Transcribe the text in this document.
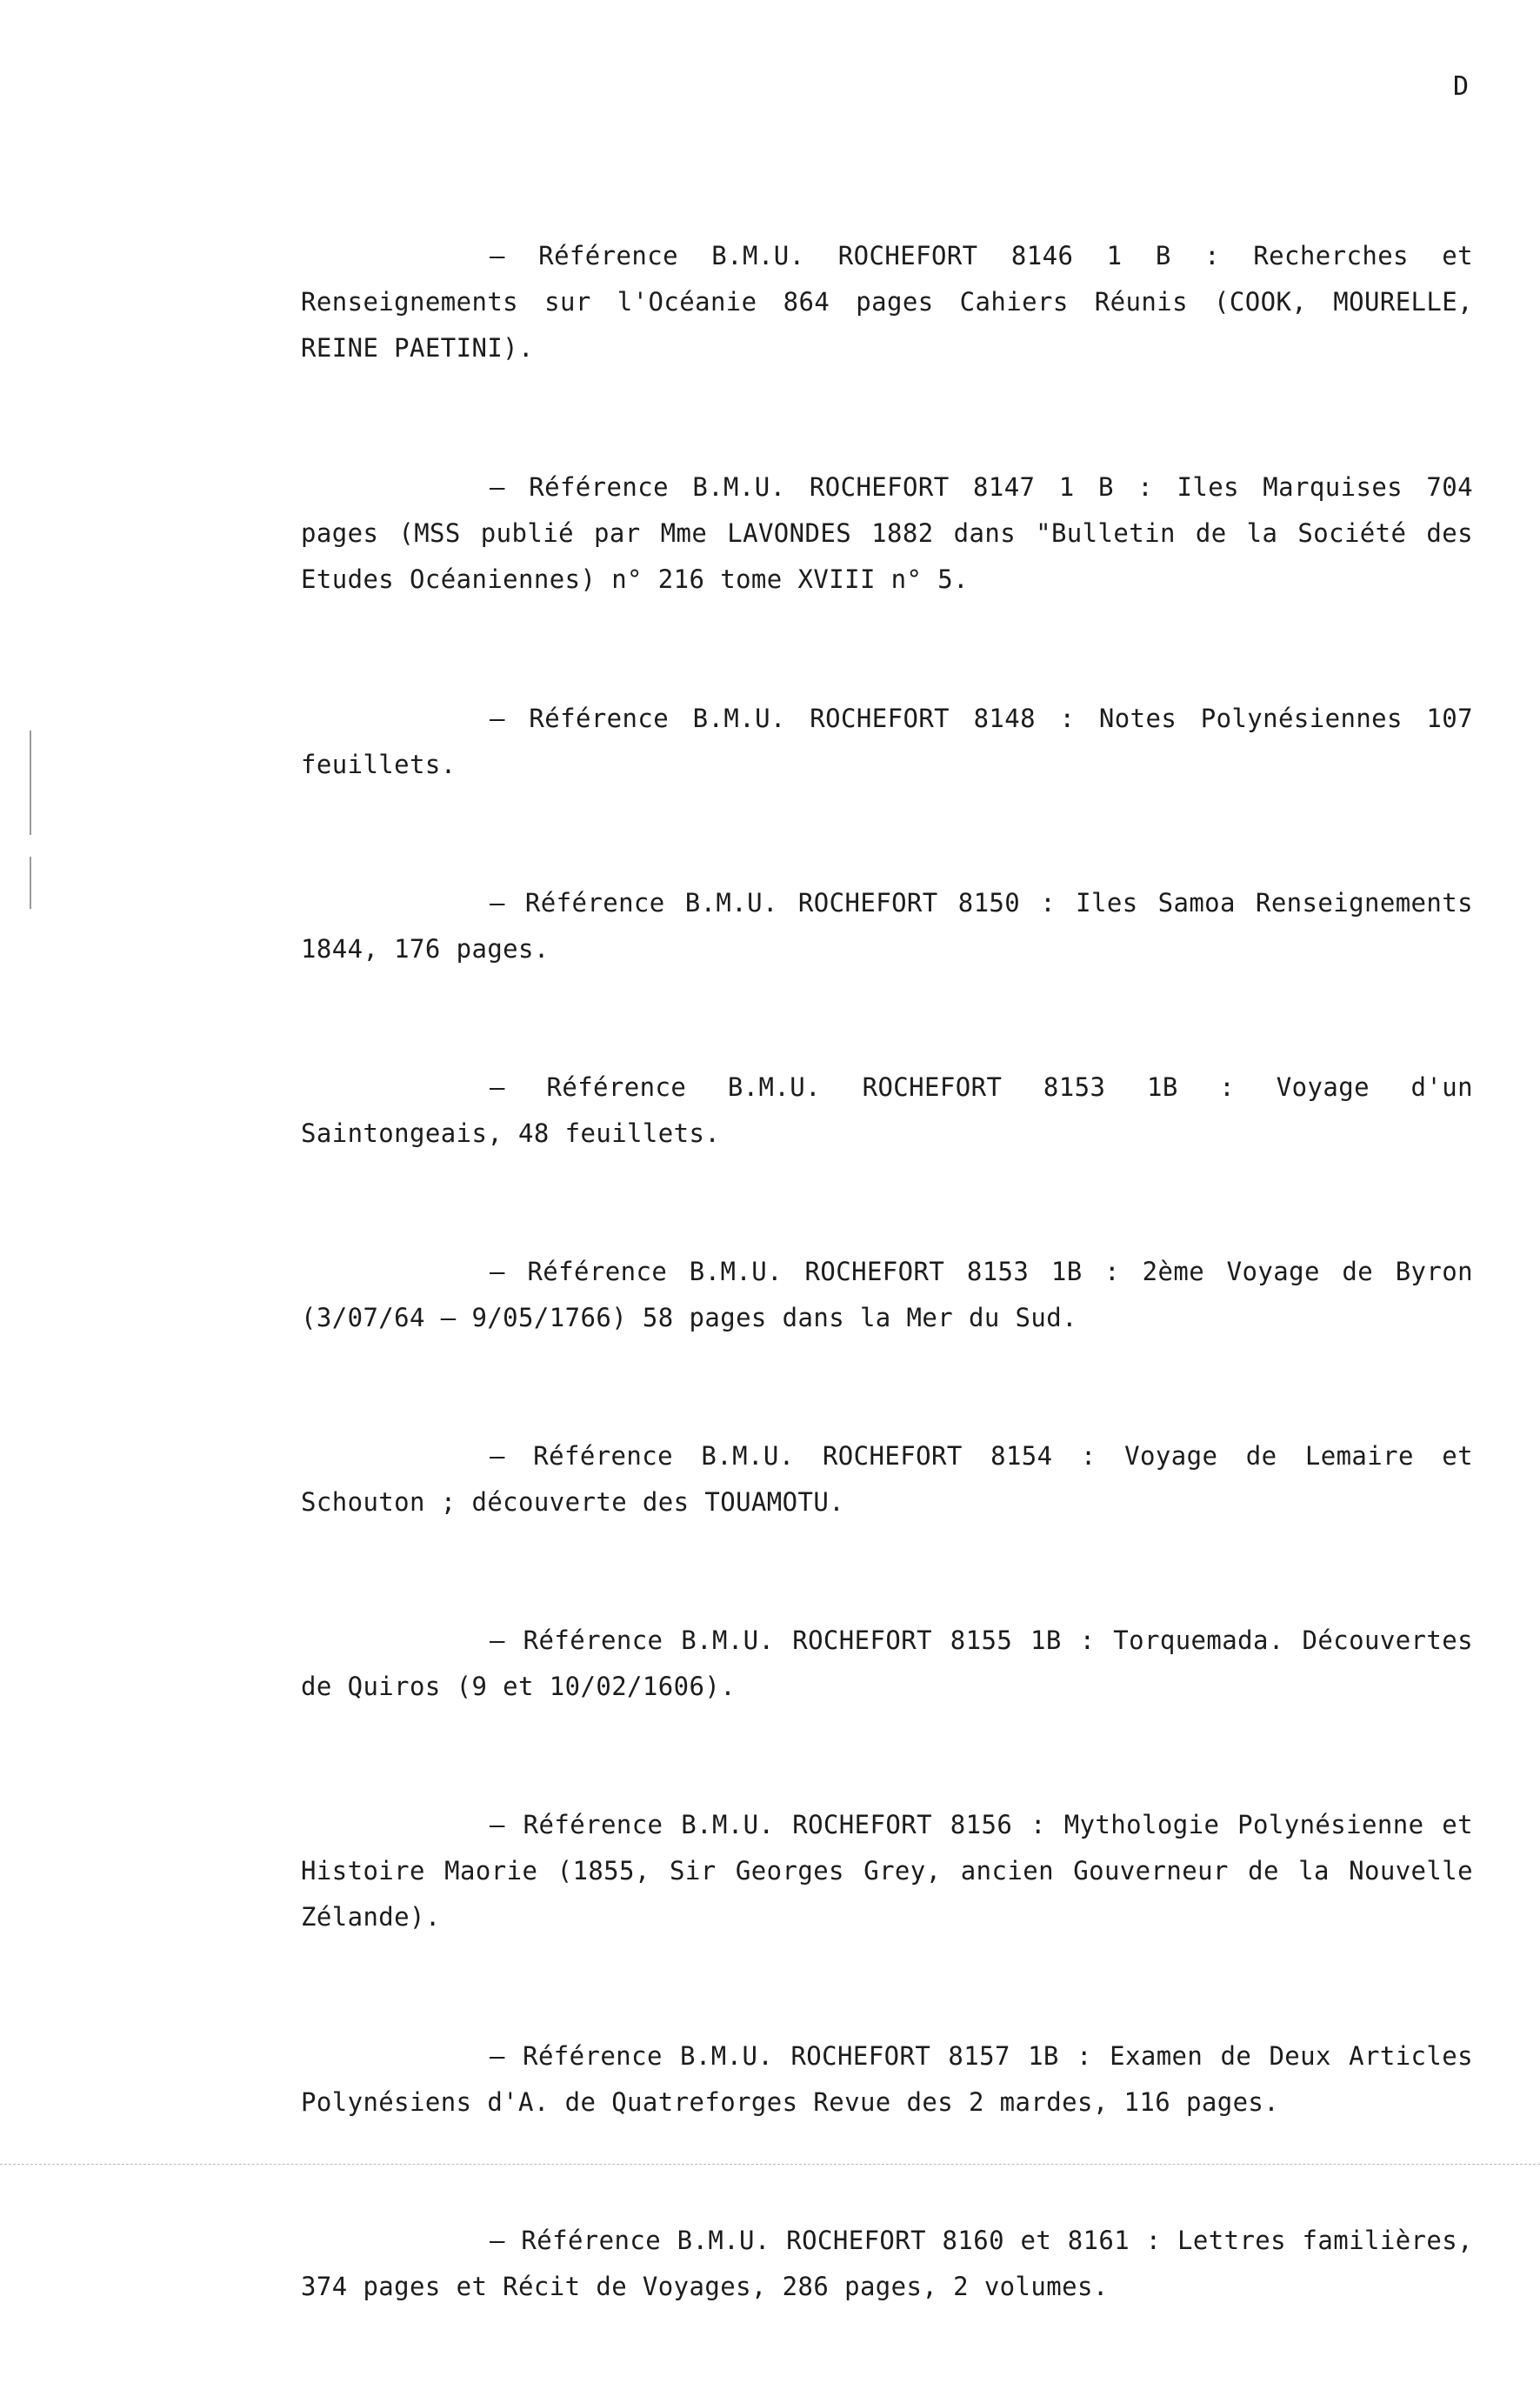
D

– Référence B.M.U. ROCHEFORT 8146 1 B : Recherches et Renseignements sur l'Océanie 864 pages Cahiers Réunis (COOK, MOURELLE, REINE PAETINI).

– Référence B.M.U. ROCHEFORT 8147 1 B : Iles Marquises 704 pages (MSS publié par Mme LAVONDES 1882 dans "Bulletin de la Société des Etudes Océaniennes) n° 216 tome XVIII n° 5.

– Référence B.M.U. ROCHEFORT 8148 : Notes Polynésiennes 107 feuillets.

– Référence B.M.U. ROCHEFORT 8150 : Iles Samoa Renseignements 1844, 176 pages.

– Référence B.M.U. ROCHEFORT 8153 1B : Voyage d'un Saintongeais, 48 feuillets.

– Référence B.M.U. ROCHEFORT 8153 1B : 2ème Voyage de Byron (3/07/64 – 9/05/1766) 58 pages dans la Mer du Sud.

– Référence B.M.U. ROCHEFORT 8154 : Voyage de Lemaire et Schouton ; découverte des TOUAMOTU.

– Référence B.M.U. ROCHEFORT 8155 1B : Torquemada. Découvertes de Quiros (9 et 10/02/1606).

– Référence B.M.U. ROCHEFORT 8156 : Mythologie Polynésienne et Histoire Maorie (1855, Sir Georges Grey, ancien Gouverneur de la Nouvelle Zélande).

– Référence B.M.U. ROCHEFORT 8157 1B : Examen de Deux Articles Polynésiens d'A. de Quatreforges Revue des 2 mardes, 116 pages.

– Référence B.M.U. ROCHEFORT 8160 et 8161 : Lettres familières, 374 pages et Récit de Voyages, 286 pages, 2 volumes.
